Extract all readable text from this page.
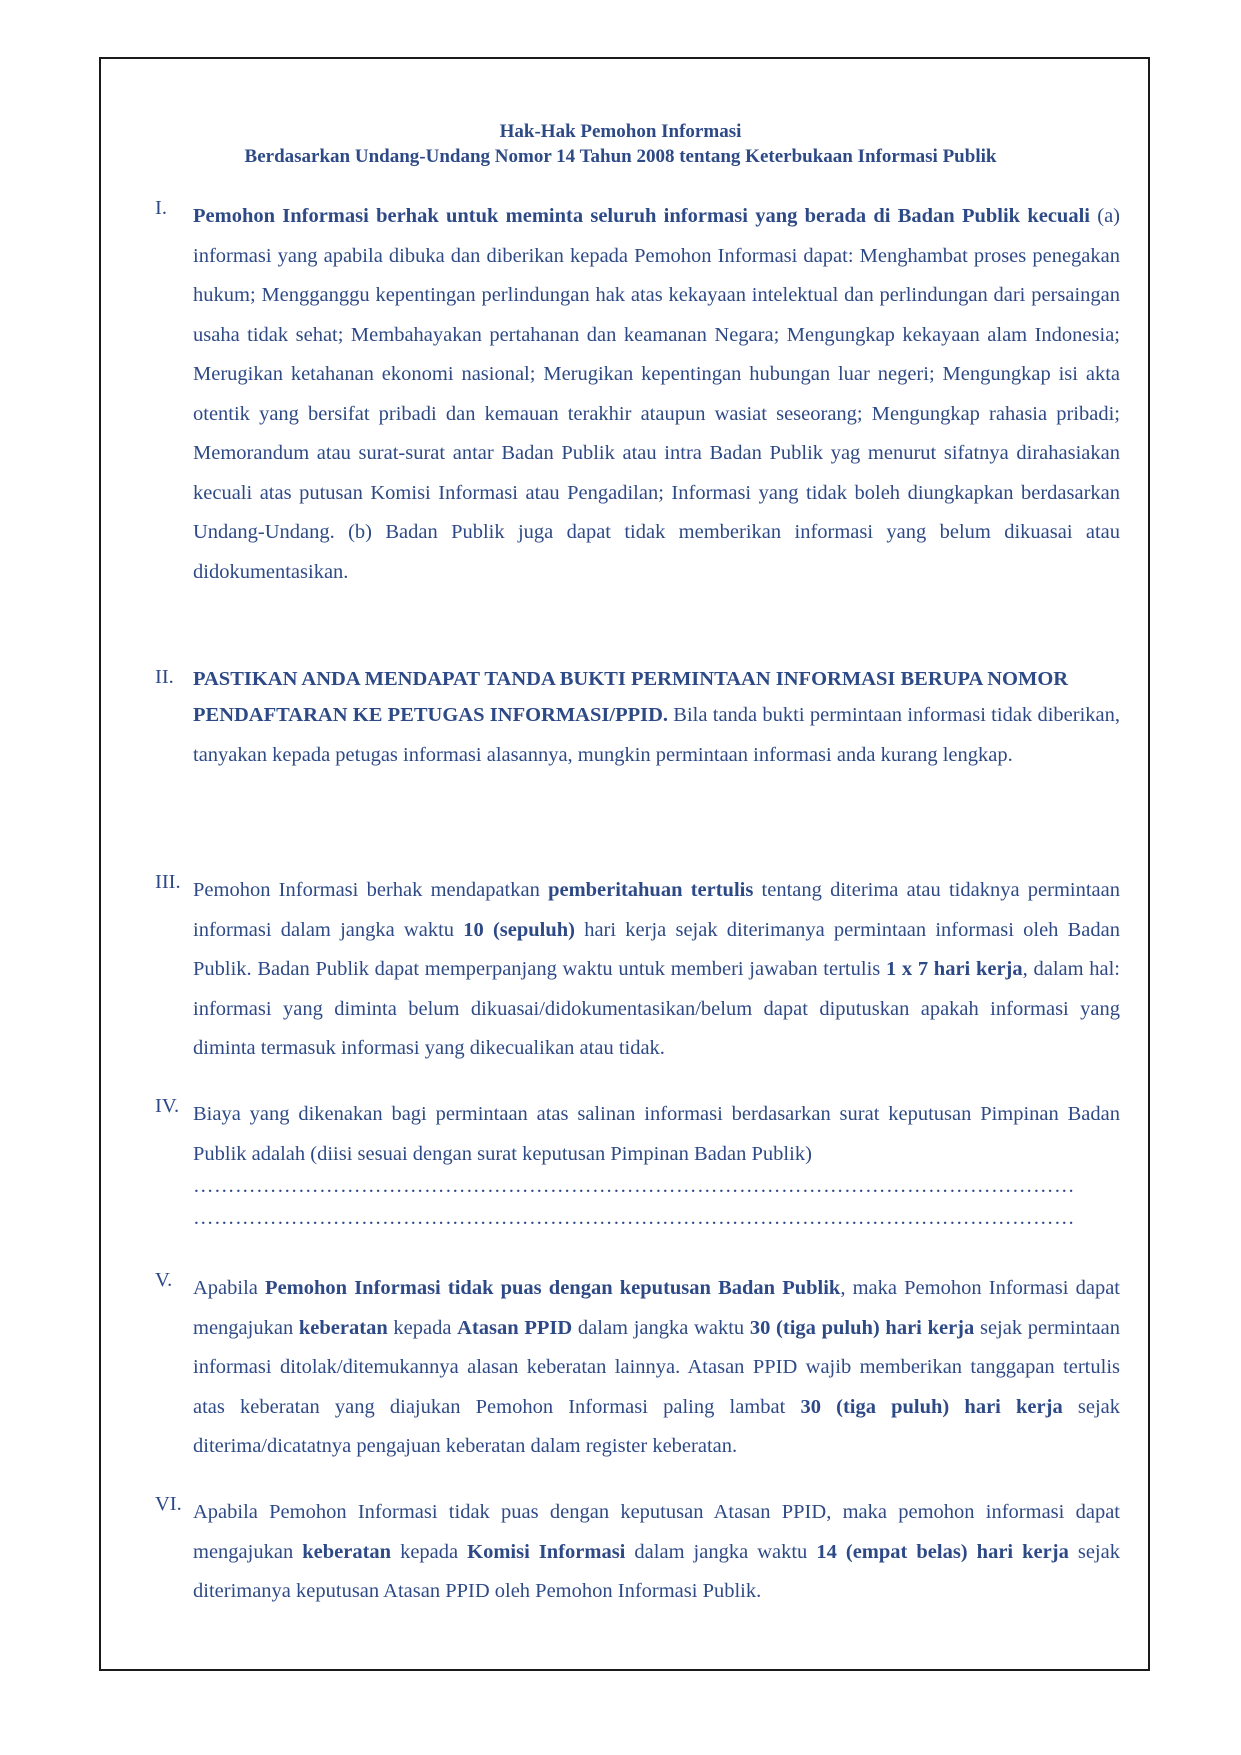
Hak-Hak Pemohon Informasi
Berdasarkan Undang-Undang Nomor 14 Tahun 2008 tentang Keterbukaan Informasi Publik
I.	Pemohon Informasi berhak untuk meminta seluruh informasi yang berada di Badan Publik kecuali (a) informasi yang apabila dibuka dan diberikan kepada Pemohon Informasi dapat: Menghambat proses penegakan hukum; Mengganggu kepentingan perlindungan hak atas kekayaan intelektual dan perlindungan dari persaingan usaha tidak sehat; Membahayakan pertahanan dan keamanan Negara; Mengungkap kekayaan alam Indonesia; Merugikan ketahanan ekonomi nasional; Merugikan kepentingan hubungan luar negeri; Mengungkap isi akta otentik yang bersifat pribadi dan kemauan terakhir ataupun wasiat seseorang; Mengungkap rahasia pribadi; Memorandum atau surat-surat antar Badan Publik atau intra Badan Publik yag menurut sifatnya dirahasiakan kecuali atas putusan Komisi Informasi atau Pengadilan; Informasi yang tidak boleh diungkapkan berdasarkan Undang-Undang. (b) Badan Publik juga dapat tidak memberikan informasi yang belum dikuasai atau didokumentasikan.
II. PASTIKAN ANDA MENDAPAT TANDA BUKTI PERMINTAAN INFORMASI BERUPA NOMOR
PENDAFTARAN KE PETUGAS INFORMASI/PPID. Bila tanda bukti permintaan informasi tidak diberikan, tanyakan kepada petugas informasi alasannya, mungkin permintaan informasi anda kurang lengkap.
III. Pemohon Informasi berhak mendapatkan pemberitahuan tertulis tentang diterima atau tidaknya permintaan informasi dalam jangka waktu 10 (sepuluh) hari kerja sejak diterimanya permintaan informasi oleh Badan Publik. Badan Publik dapat memperpanjang waktu untuk memberi jawaban tertulis 1 x 7 hari kerja, dalam hal: informasi yang diminta belum dikuasai/didokumentasikan/belum dapat diputuskan apakah informasi yang diminta termasuk informasi yang dikecualikan atau tidak.
IV. Biaya yang dikenakan bagi permintaan atas salinan informasi berdasarkan surat keputusan Pimpinan Badan Publik adalah (diisi sesuai dengan surat keputusan Pimpinan Badan Publik)
………………………………………………………………………………………………………………
………………………………………………………………………………………………………………
V.	Apabila Pemohon Informasi tidak puas dengan keputusan Badan Publik, maka Pemohon Informasi dapat mengajukan keberatan kepada Atasan PPID dalam jangka waktu 30 (tiga puluh) hari kerja sejak permintaan informasi ditolak/ditemukannya alasan keberatan lainnya. Atasan PPID wajib memberikan tanggapan tertulis atas keberatan yang diajukan Pemohon Informasi paling lambat 30 (tiga puluh) hari kerja sejak diterima/dicatatnya pengajuan keberatan dalam register keberatan.
VI. Apabila Pemohon Informasi tidak puas dengan keputusan Atasan PPID, maka pemohon informasi dapat mengajukan keberatan kepada Komisi Informasi dalam jangka waktu 14 (empat belas) hari kerja sejak diterimanya keputusan Atasan PPID oleh Pemohon Informasi Publik.
